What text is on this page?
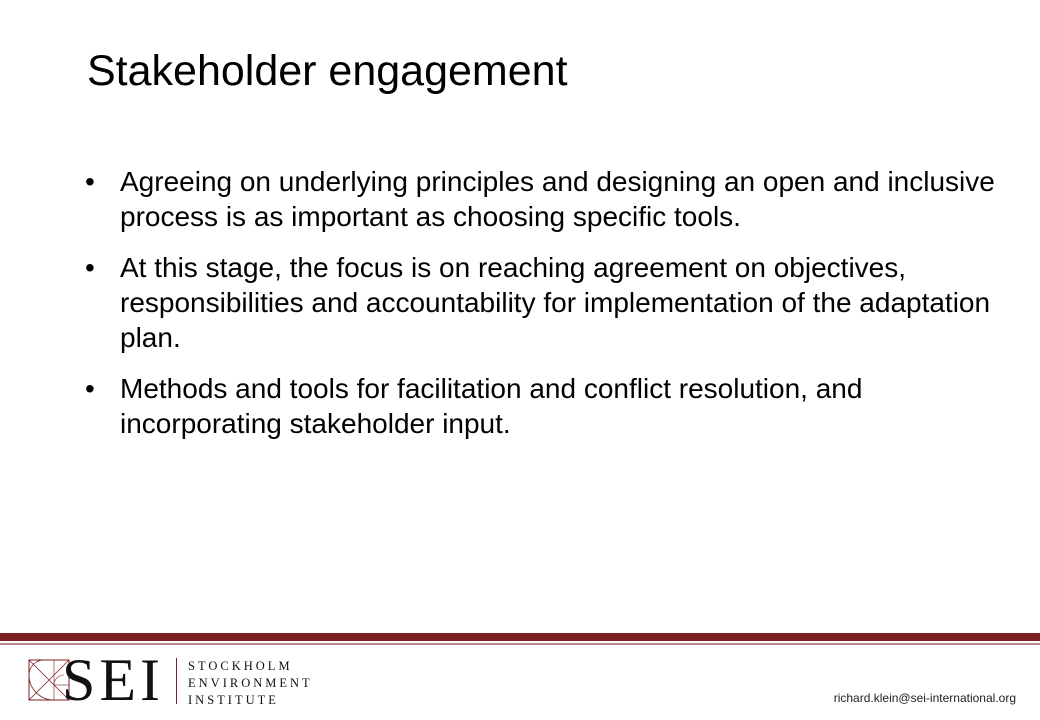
Stakeholder engagement
• Agreeing on underlying principles and designing an open and inclusive process is as important as choosing specific tools.
• At this stage, the focus is on reaching agreement on objectives, responsibilities and accountability for implementation of the adaptation plan.
• Methods and tools for facilitation and conflict resolution, and incorporating stakeholder input.
SEI STOCKHOLM
ENVIRONMENT
INSTITUTE	richard.klein@sei-international.org
